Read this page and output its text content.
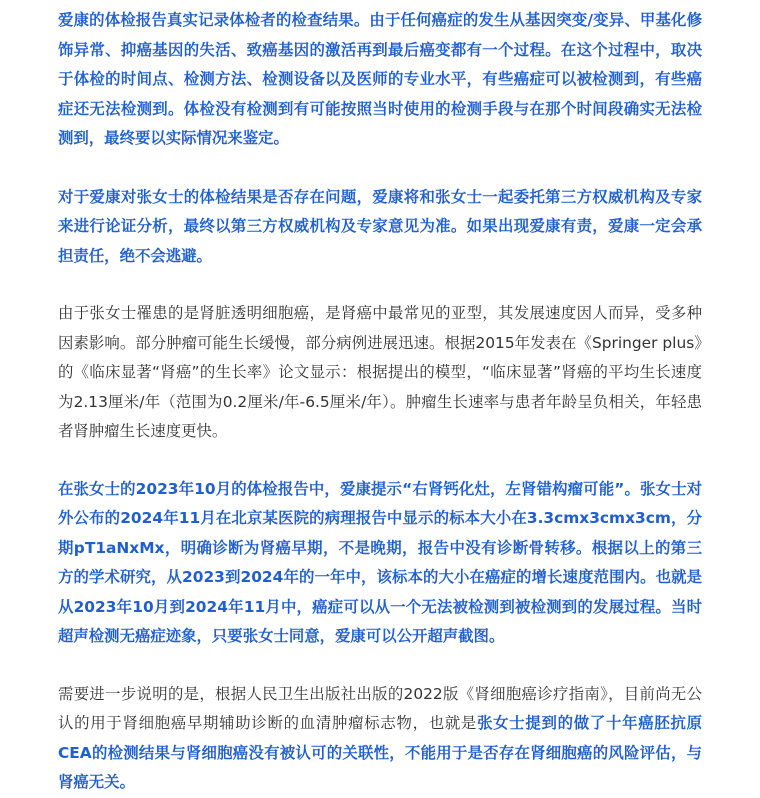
爱康的体检报告真实记录体检者的检查结果。由于任何癌症的发生从基因突变/变异、甲基化修饰异常、抑癌基因的失活、致癌基因的激活再到最后癌变都有一个过程。在这个过程中，取决于体检的时间点、检测方法、检测设备以及医师的专业水平，有些癌症可以被检测到，有些癌症还无法检测到。体检没有检测到有可能按照当时使用的检测手段与在那个时间段确实无法检测到，最终要以实际情况来鉴定。

对于爱康对张女士的体检结果是否存在问题，爱康将和张女士一起委托第三方权威机构及专家来进行论证分析，最终以第三方权威机构及专家意见为准。如果出现爱康有责，爱康一定会承担责任，绝不会逃避。

由于张女士罹患的是肾脏透明细胞癌，是肾癌中最常见的亚型，其发展速度因人而异，受多种因素影响。部分肿瘤可能生长缓慢，部分病例进展迅速。根据2015年发表在《Springer plus》的《临床显著“肾癌”的生长率》论文显示：根据提出的模型，“临床显著”肾癌的平均生长速度为2.13厘米/年（范围为0.2厘米/年-6.5厘米/年）。肿瘤生长速率与患者年龄呈负相关，年轻患者肾肿瘤生长速度更快。

在张女士的2023年10月的体检报告中，爱康提示“右肾钙化灶，左肾错构瘤可能”。张女士对外公布的2024年11月在北京某医院的病理报告中显示的标本大小在3.3cmx3cmx3cm，分期pT1aNxMx，明确诊断为肾癌早期，不是晚期，报告中没有诊断骨转移。根据以上的第三方的学术研究，从2023到2024年的一年中，该标本的大小在癌症的增长速度范围内。也就是从2023年10月到2024年11月中，癌症可以从一个无法被检测到被检测到的发展过程。当时超声检测无癌症迹象，只要张女士同意，爱康可以公开超声截图。

需要进一步说明的是，根据人民卫生出版社出版的2022版《肾细胞癌诊疗指南》，目前尚无公认的用于肾细胞癌早期辅助诊断的血清肿瘤标志物，也就是张女士提到的做了十年癌胚抗原CEA的检测结果与肾细胞癌没有被认可的关联性，不能用于是否存在肾细胞癌的风险评估，与肾癌无关。
